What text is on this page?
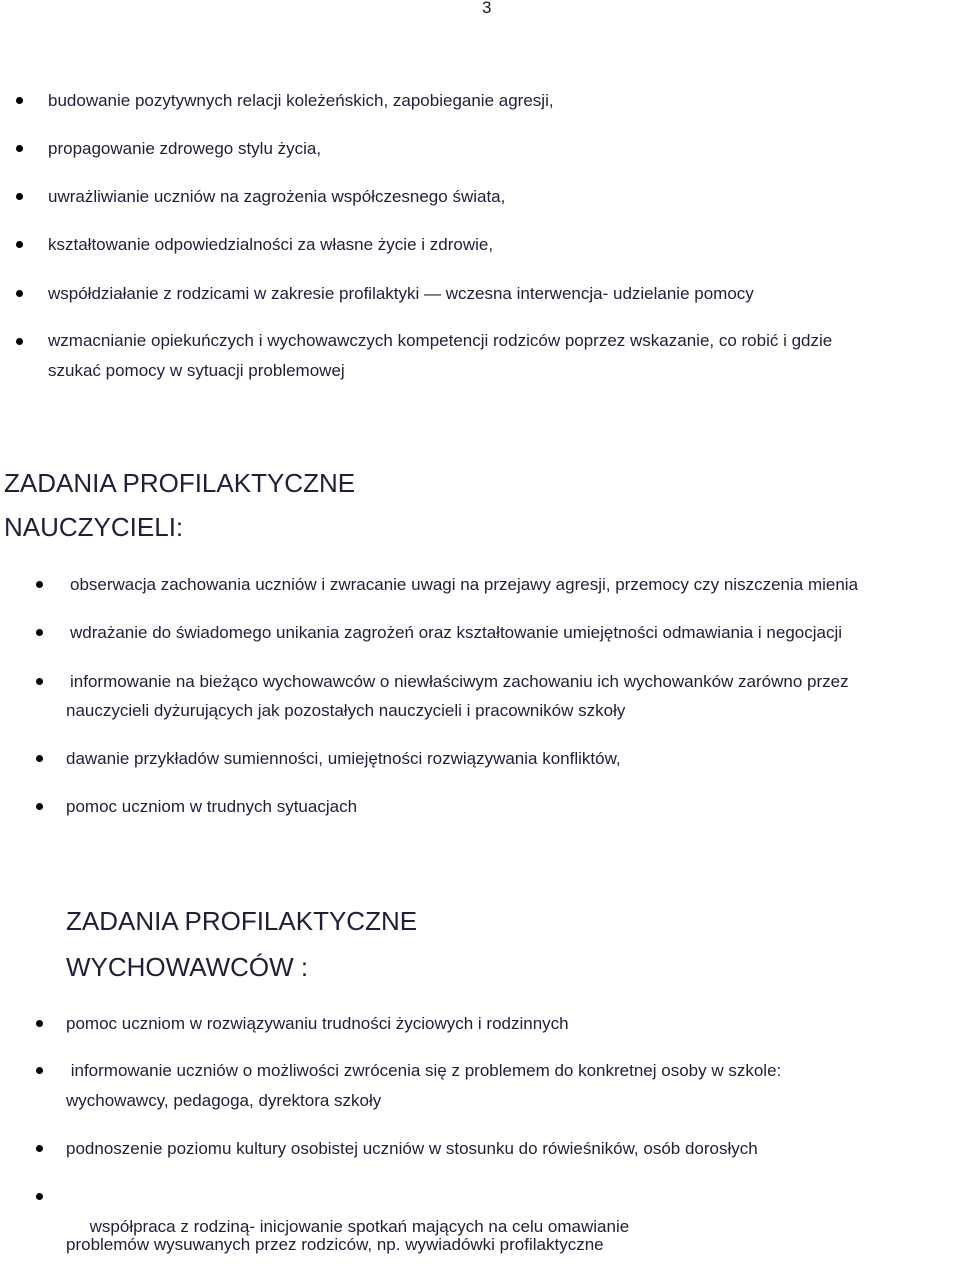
3
budowanie pozytywnych relacji koleżeńskich, zapobieganie agresji,
propagowanie zdrowego stylu życia,
uwrażliwianie uczniów na zagrożenia współczesnego świata,
kształtowanie odpowiedzialności za własne życie i zdrowie,
współdziałanie z rodzicami w zakresie profilaktyki — wczesna interwencja- udzielanie pomocy
wzmacnianie opiekuńczych i wychowawczych kompetencji rodziców poprzez wskazanie, co robić i gdzie
szukać pomocy w sytuacji problemowej
ZADANIA PROFILAKTYCZNE
NAUCZYCIELI:
obserwacja zachowania uczniów i zwracanie uwagi na przejawy agresji, przemocy czy niszczenia mienia
wdrażanie do świadomego unikania zagrożeń oraz kształtowanie umiejętności odmawiania i negocjacji
informowanie na bieżąco wychowawców o niewłaściwym zachowaniu ich wychowanków zarówno przez
nauczycieli dyżurujących jak pozostałych nauczycieli i pracowników szkoły
dawanie przykładów sumienności, umiejętności rozwiązywania konfliktów,
pomoc uczniom w trudnych sytuacjach
ZADANIA PROFILAKTYCZNE
WYCHOWAWCÓW :
pomoc uczniom w rozwiązywaniu trudności życiowych i rodzinnych
informowanie uczniów o możliwości zwrócenia się z problemem do konkretnej osoby w szkole:
wychowawcy, pedagoga, dyrektora szkoły
podnoszenie poziomu kultury osobistej uczniów w stosunku do rówieśników, osób dorosłych

współpraca z rodziną- inicjowanie spotkań mających na celu omawianie

problemów wysuwanych przez rodziców, np. wywiadówki profilaktyczne
